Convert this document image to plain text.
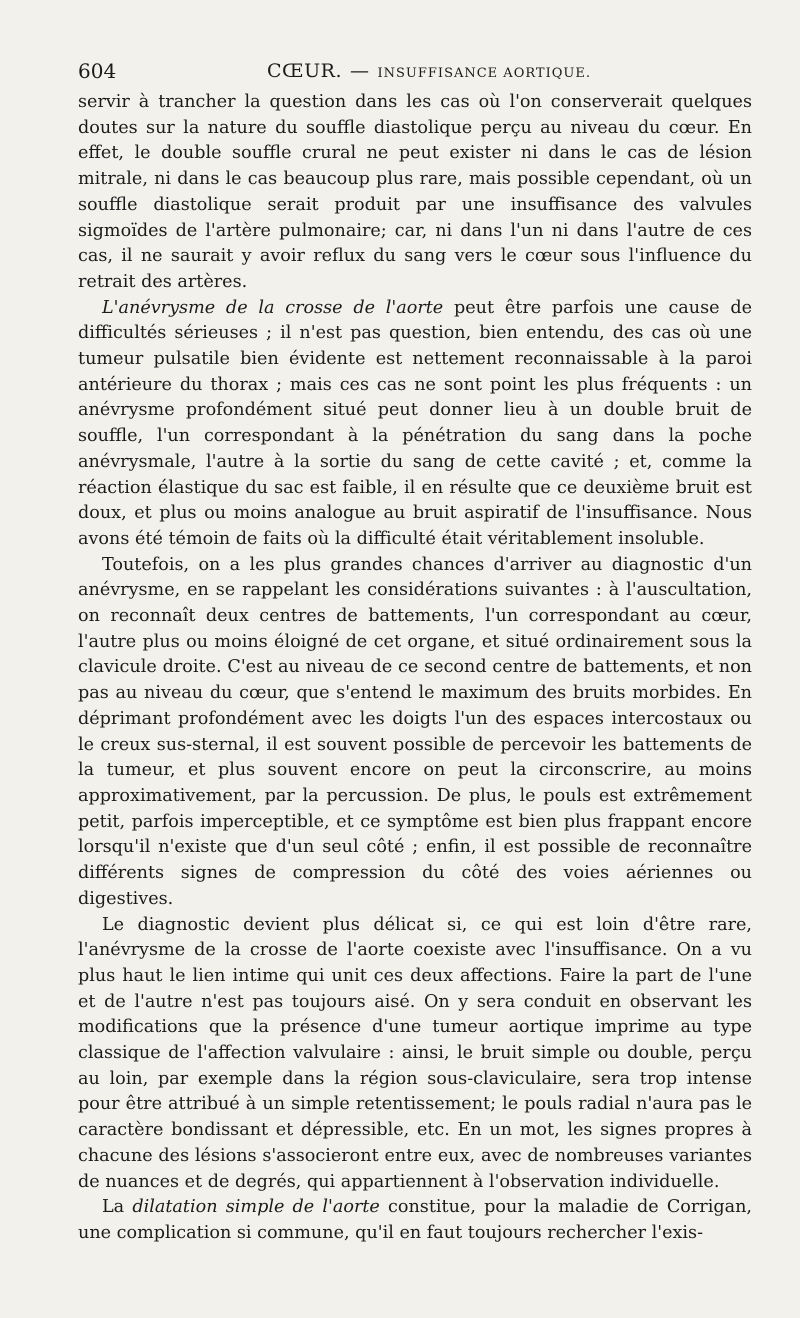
604	CŒUR. — INSUFFISANCE AORTIQUE.

servir à trancher la question dans les cas où l'on conserverait quelques doutes sur la nature du souffle diastolique perçu au niveau du cœur. En effet, le double souffle crural ne peut exister ni dans le cas de lésion mitrale, ni dans le cas beaucoup plus rare, mais possible cependant, où un souffle diastolique serait produit par une insuffisance des valvules sigmoïdes de l'artère pulmonaire; car, ni dans l'un ni dans l'autre de ces cas, il ne saurait y avoir reflux du sang vers le cœur sous l'influence du retrait des artères.

L'anévrysme de la crosse de l'aorte peut être parfois une cause de difficultés sérieuses ; il n'est pas question, bien entendu, des cas où une tumeur pulsatile bien évidente est nettement reconnaissable à la paroi antérieure du thorax ; mais ces cas ne sont point les plus fréquents : un anévrysme profondément situé peut donner lieu à un double bruit de souffle, l'un correspondant à la pénétration du sang dans la poche anévrysmale, l'autre à la sortie du sang de cette cavité ; et, comme la réaction élastique du sac est faible, il en résulte que ce deuxième bruit est doux, et plus ou moins analogue au bruit aspiratif de l'insuffisance. Nous avons été témoin de faits où la difficulté était véritablement insoluble.

Toutefois, on a les plus grandes chances d'arriver au diagnostic d'un anévrysme, en se rappelant les considérations suivantes : à l'auscultation, on reconnaît deux centres de battements, l'un correspondant au cœur, l'autre plus ou moins éloigné de cet organe, et situé ordinairement sous la clavicule droite. C'est au niveau de ce second centre de battements, et non pas au niveau du cœur, que s'entend le maximum des bruits morbides. En déprimant profondément avec les doigts l'un des espaces intercostaux ou le creux sus-sternal, il est souvent possible de percevoir les battements de la tumeur, et plus souvent encore on peut la circonscrire, au moins approximativement, par la percussion. De plus, le pouls est extrêmement petit, parfois imperceptible, et ce symptôme est bien plus frappant encore lorsqu'il n'existe que d'un seul côté ; enfin, il est possible de reconnaître différents signes de compression du côté des voies aériennes ou digestives.

Le diagnostic devient plus délicat si, ce qui est loin d'être rare, l'anévrysme de la crosse de l'aorte coexiste avec l'insuffisance. On a vu plus haut le lien intime qui unit ces deux affections. Faire la part de l'une et de l'autre n'est pas toujours aisé. On y sera conduit en observant les modifications que la présence d'une tumeur aortique imprime au type classique de l'affection valvulaire : ainsi, le bruit simple ou double, perçu au loin, par exemple dans la région sous-claviculaire, sera trop intense pour être attribué à un simple retentissement; le pouls radial n'aura pas le caractère bondissant et dépressible, etc. En un mot, les signes propres à chacune des lésions s'associeront entre eux, avec de nombreuses variantes de nuances et de degrés, qui appartiennent à l'observation individuelle.

La dilatation simple de l'aorte constitue, pour la maladie de Corrigan, une complication si commune, qu'il en faut toujours rechercher l'exis-
